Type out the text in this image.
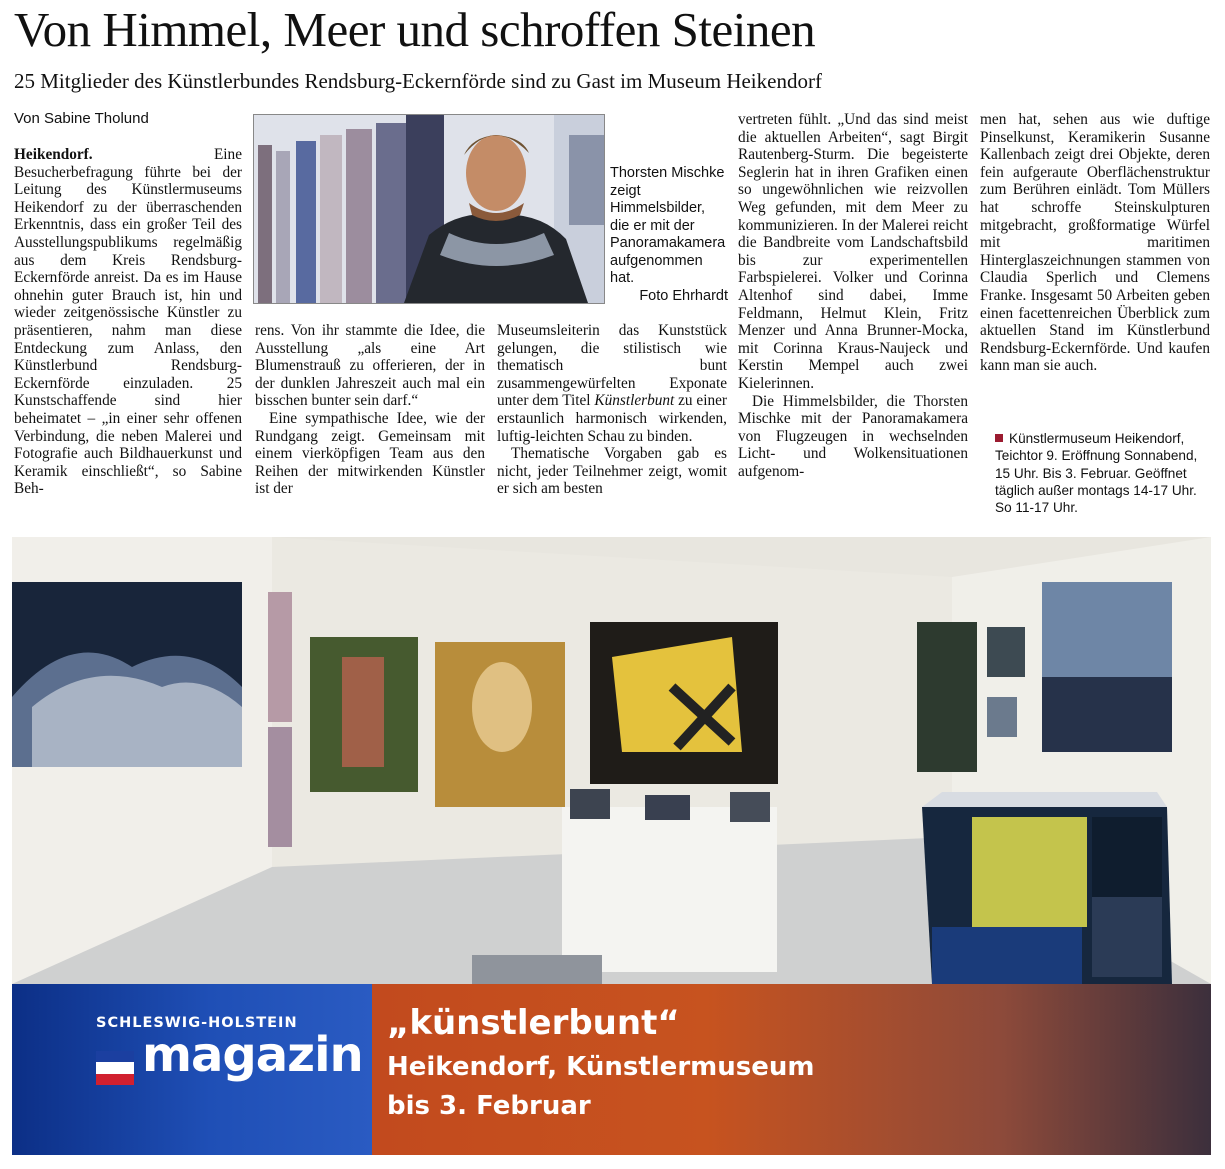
Von Himmel, Meer und schroffen Steinen
25 Mitglieder des Künstlerbundes Rendsburg-Eckernförde sind zu Gast im Museum Heikendorf
Von Sabine Tholund

Heikendorf.	Eine Besucherbefragung führte bei der Leitung des Künstlermuseums Heikendorf zu der überraschenden Erkenntnis, dass ein großer Teil des Ausstellungspublikums regelmäßig aus dem Kreis Rendsburg-Eckernförde anreist. Da es im Hause ohnehin guter Brauch ist, hin und wieder zeitgenössische Künstler zu präsentieren, nahm man diese Entdeckung zum Anlass, den Künstlerbund Rendsburg-Eckernförde einzuladen. 25 Kunstschaffende sind hier beheimatet – „in einer sehr offenen Verbindung, die neben Malerei und Fotografie auch Bildhauerkunst und Keramik einschließt“, so Sabine Beh-

Thorsten Mischke zeigt Himmelsbilder, die er mit der Panoramakamera aufgenommen hat.
Foto Ehrhardt

rens. Von ihr stammte die Idee, die Ausstellung „als eine Art Blumenstrauß zu offerieren, der in der dunklen Jahreszeit auch mal ein bisschen bunter sein darf.“

Eine sympathische Idee, wie der Rundgang zeigt. Gemeinsam mit einem vierköpfigen Team aus den Reihen der mitwirkenden Künstler ist der

Museumsleiterin das Kunststück gelungen, die stilistisch wie thematisch bunt zusammengewürfelten Exponate unter dem Titel Künstlerbunt zu einer erstaunlich harmonisch wirkenden, luftig-leichten Schau zu binden.

Thematische Vorgaben gab es nicht, jeder Teilnehmer zeigt, womit er sich am besten

vertreten fühlt. „Und das sind meist die aktuellen Arbeiten“, sagt Birgit Rautenberg-Sturm. Die begeisterte Seglerin hat in ihren Grafiken einen so ungewöhnlichen wie reizvollen Weg gefunden, mit dem Meer zu kommunizieren. In der Malerei reicht die Bandbreite vom Landschaftsbild bis zur experimentellen Farbspielerei. Volker und Corinna Altenhof sind dabei, Imme Feldmann, Helmut Klein, Fritz Menzer und Anna Brunner-Mocka, mit Corinna Kraus-Naujeck und Kerstin Mempel auch zwei Kielerinnen.

Die Himmelsbilder, die Thorsten Mischke mit der Panoramakamera von Flugzeugen in wechselnden Licht- und Wolkensituationen aufgenom-

men hat, sehen aus wie duftige Pinselkunst, Keramikerin Susanne Kallenbach zeigt drei Objekte, deren fein aufgeraute Oberflächenstruktur zum Berühren einlädt. Tom Müllers hat schroffe Steinskulpturen mitgebracht, großformatige Würfel mit maritimen Hinterglaszeichnungen stammen von Claudia Sperlich und Clemens Franke. Insgesamt 50 Arbeiten geben einen facettenreichen Überblick zum aktuellen Stand im Künstlerbund Rendsburg-Eckernförde. Und kaufen kann man sie auch.

Künstlermuseum Heikendorf, Teichtor 9. Eröffnung Sonnabend, 15 Uhr. Bis 3. Februar. Geöffnet täglich außer montags 14-17 Uhr. So 11-17 Uhr.
SCHLESWIG-HOLSTEIN
magazin
„künstlerbunt“
Heikendorf, Künstlermuseum
bis 3. Februar
